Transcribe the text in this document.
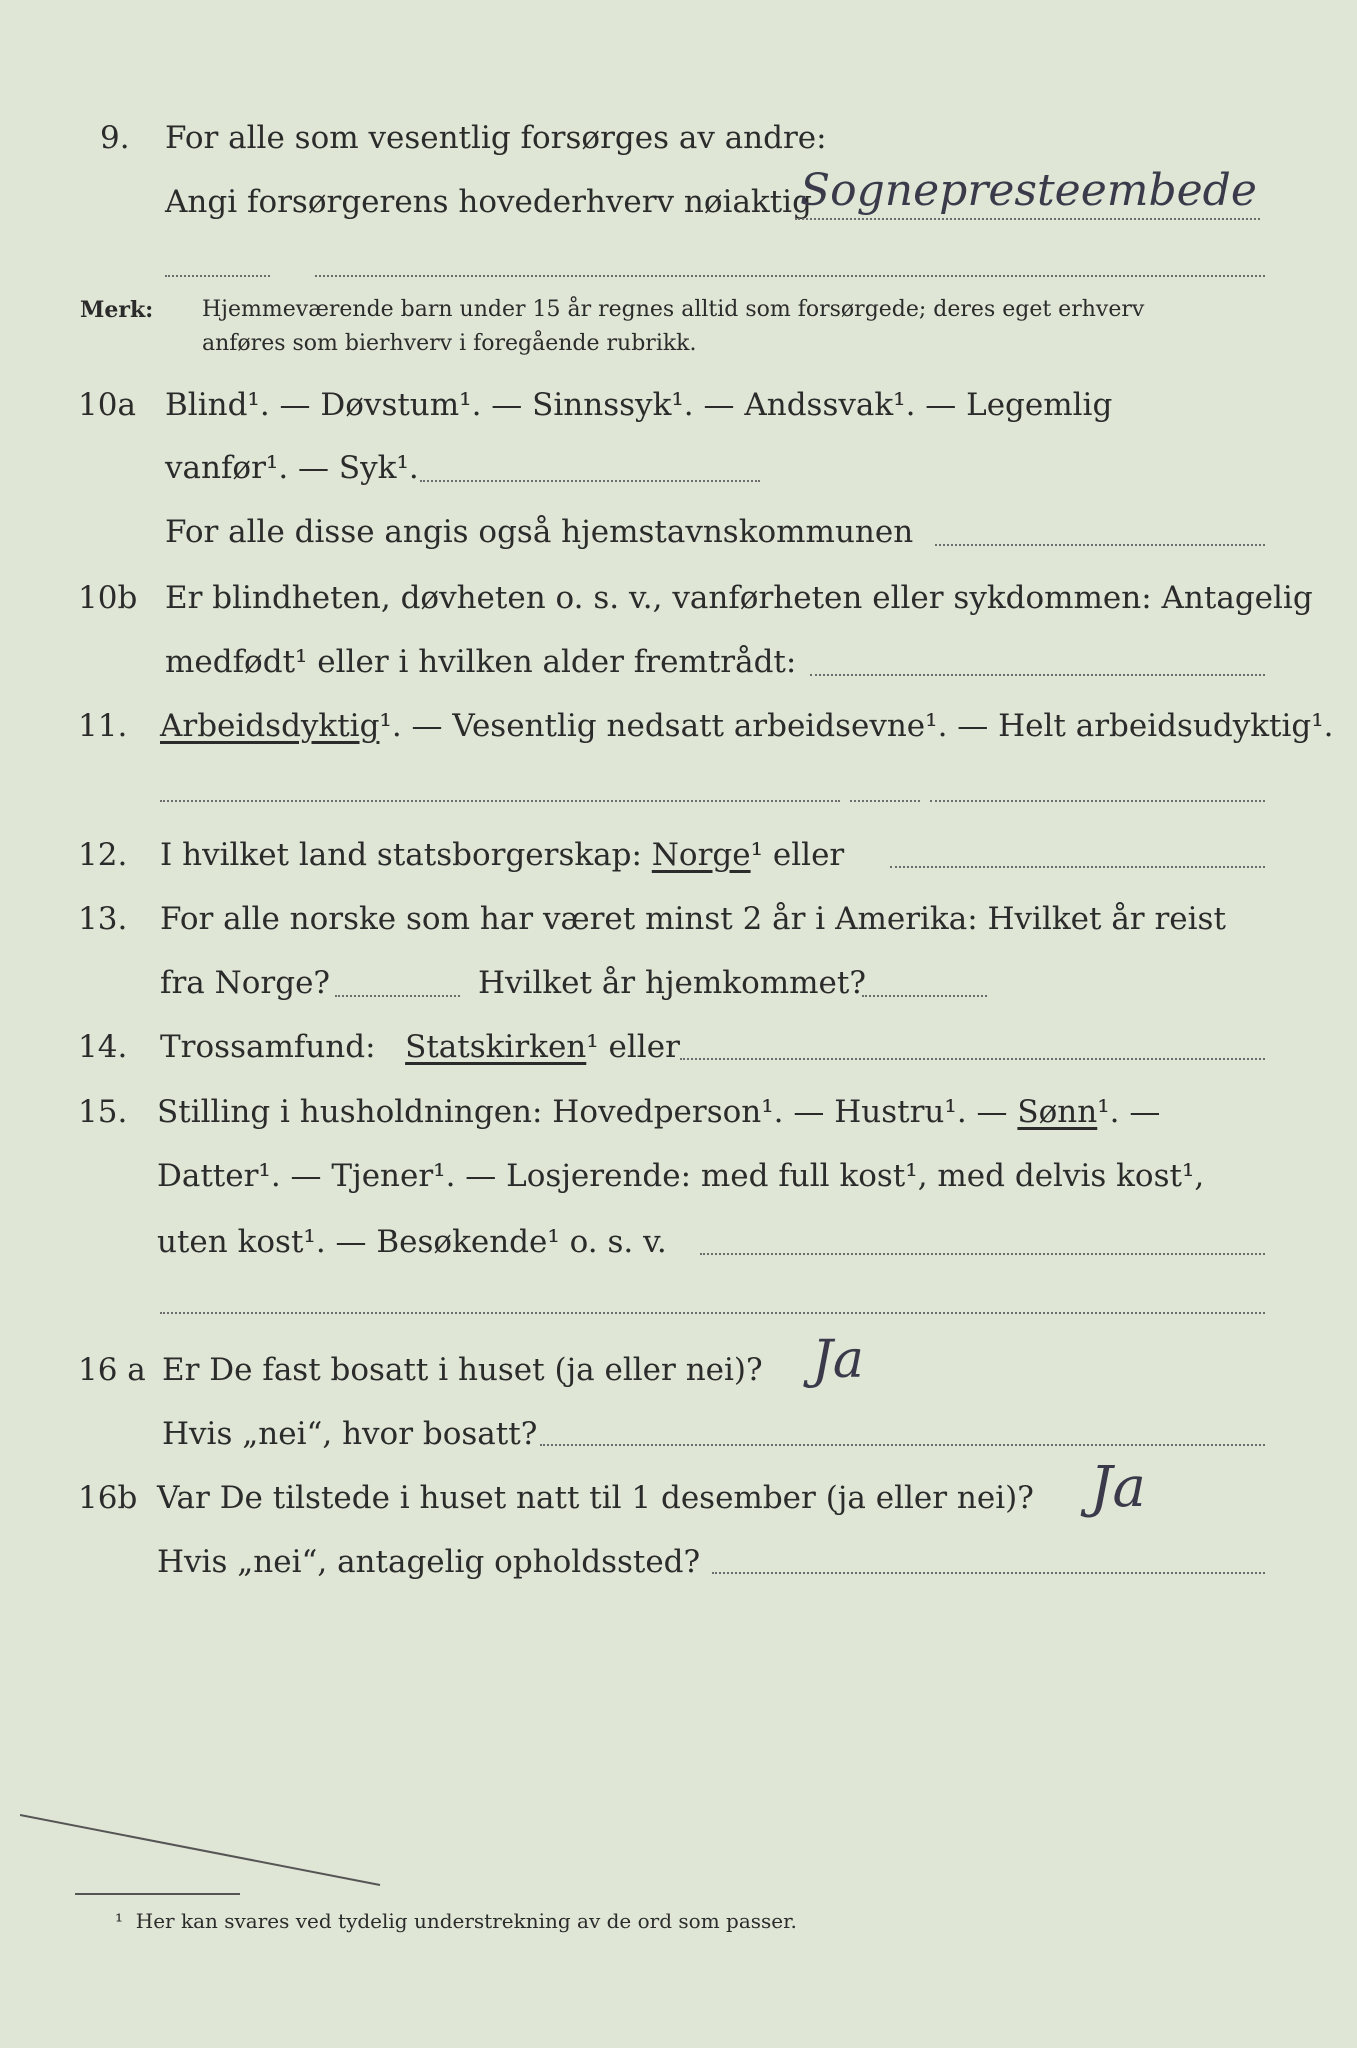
9. For alle som vesentlig forsørges av andre:
Angi forsørgerens hovederhverv nøiaktig
Sognepresteembede
Merk: Hjemmeværende barn under 15 år regnes alltid som forsørgede; deres eget erhverv
anføres som bierhverv i foregående rubrikk.
10a Blind¹. — Døvstum¹. — Sinnssyk¹. — Andssvak¹. — Legemlig
vanfør¹. — Syk¹.
For alle disse angis også hjemstavnskommunen
10b Er blindheten, døvheten o. s. v., vanførheten eller sykdommen: Antagelig
medfødt¹ eller i hvilken alder fremtrådt:
11. Arbeidsdyktig¹. — Vesentlig nedsatt arbeidsevne¹. — Helt arbeidsudyktig¹.
12. I hvilket land statsborgerskap: Norge¹ eller
13. For alle norske som har været minst 2 år i Amerika: Hvilket år reist
fra Norge?	Hvilket år hjemkommet?
14. Trossamfund: Statskirken¹ eller
15. Stilling i husholdningen: Hovedperson¹. — Hustru¹. — Sønn¹. —
Datter¹. — Tjener¹. — Losjerende: med full kost¹, med delvis kost¹,
uten kost¹. — Besøkende¹ o. s. v.
16 a Er De fast bosatt i huset (ja eller nei)? Ja
Hvis „nei“, hvor bosatt?
16b Var De tilstede i huset natt til 1 desember (ja eller nei)? Ja
Hvis „nei“, antagelig opholdssted?
¹ Her kan svares ved tydelig understrekning av de ord som passer.
